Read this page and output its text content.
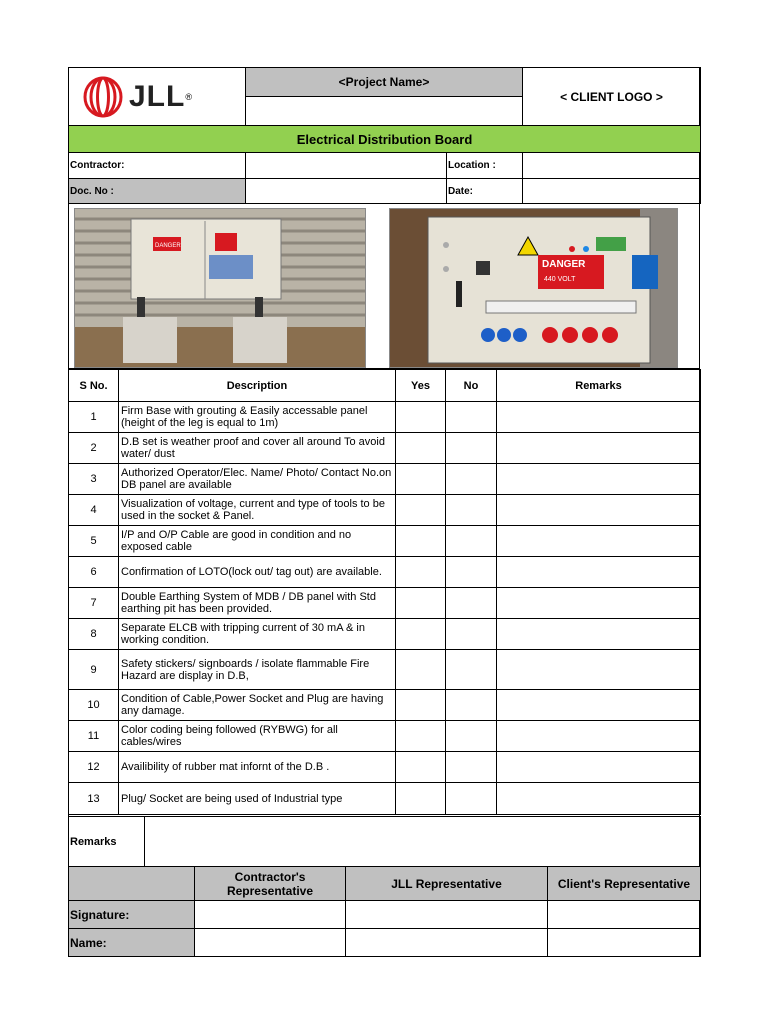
JLL ®
	<Project Name>	< CLIENT LOGO >

Electrical Distribution Board			
Contractor:		Location :	
Doc. No :		Date:	
DANGER
DANGER
440 VOLT
S No.	Description	Yes	No	Remarks
1	Firm Base with grouting & Easily accessable panel (height of the leg is equal to 1m)			
2	D.B set is weather proof and cover all around To avoid water/ dust			
3	Authorized Operator/Elec. Name/ Photo/ Contact No.on DB panel are available			
4	Visualization of voltage, current and type of tools to be used in the socket & Panel.			
5	I/P and O/P Cable are good in condition and no exposed cable			
6	Confirmation of LOTO(lock out/ tag out) are available.			
7	Double Earthing System of MDB / DB panel with Std earthing pit has been provided.			
8	Separate ELCB with tripping current of 30 mA & in working condition.			
9	Safety stickers/ signboards / isolate flammable Fire Hazard are display in D.B,			
10	Condition of Cable,Power Socket and Plug are having any damage.			
11	Color coding being followed (RYBWG) for all cables/wires			
12	Availibility of rubber mat infornt of the D.B .			
13	Plug/ Socket are being used of Industrial type			
Remarks	
	Contractor's Representative	JLL Representative	Client's Representative
Signature:			
Name:			
